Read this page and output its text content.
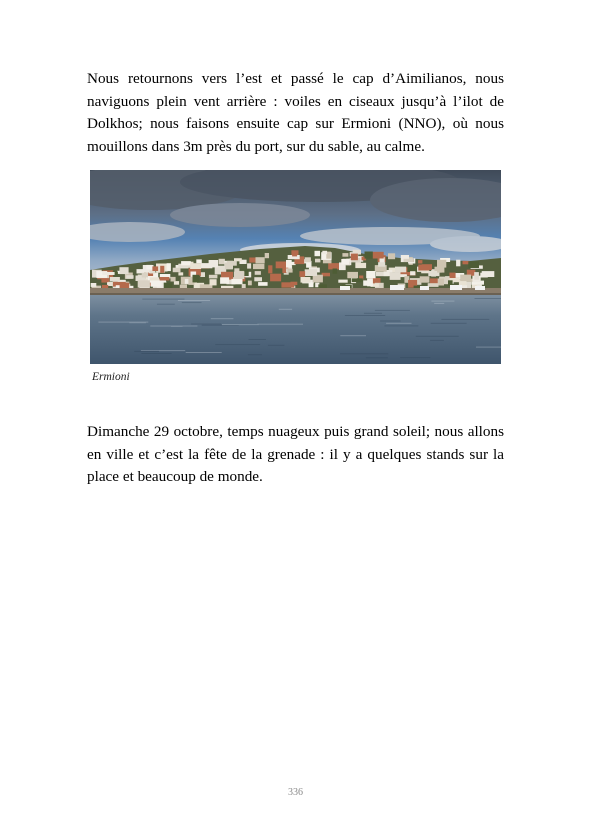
Nous retournons vers l’est et passé le cap d’Aimilianos, nous naviguons plein vent arrière : voiles en ciseaux jusqu’à l’ilot de Dolkhos; nous faisons ensuite cap sur Ermioni (NNO), où nous mouillons dans 3m près du port, sur du sable, au calme.

Ermioni

Dimanche 29 octobre, temps nuageux puis grand soleil; nous allons en ville et c’est la fête de la grenade : il y a quelques stands sur la place et beaucoup de monde.

336
